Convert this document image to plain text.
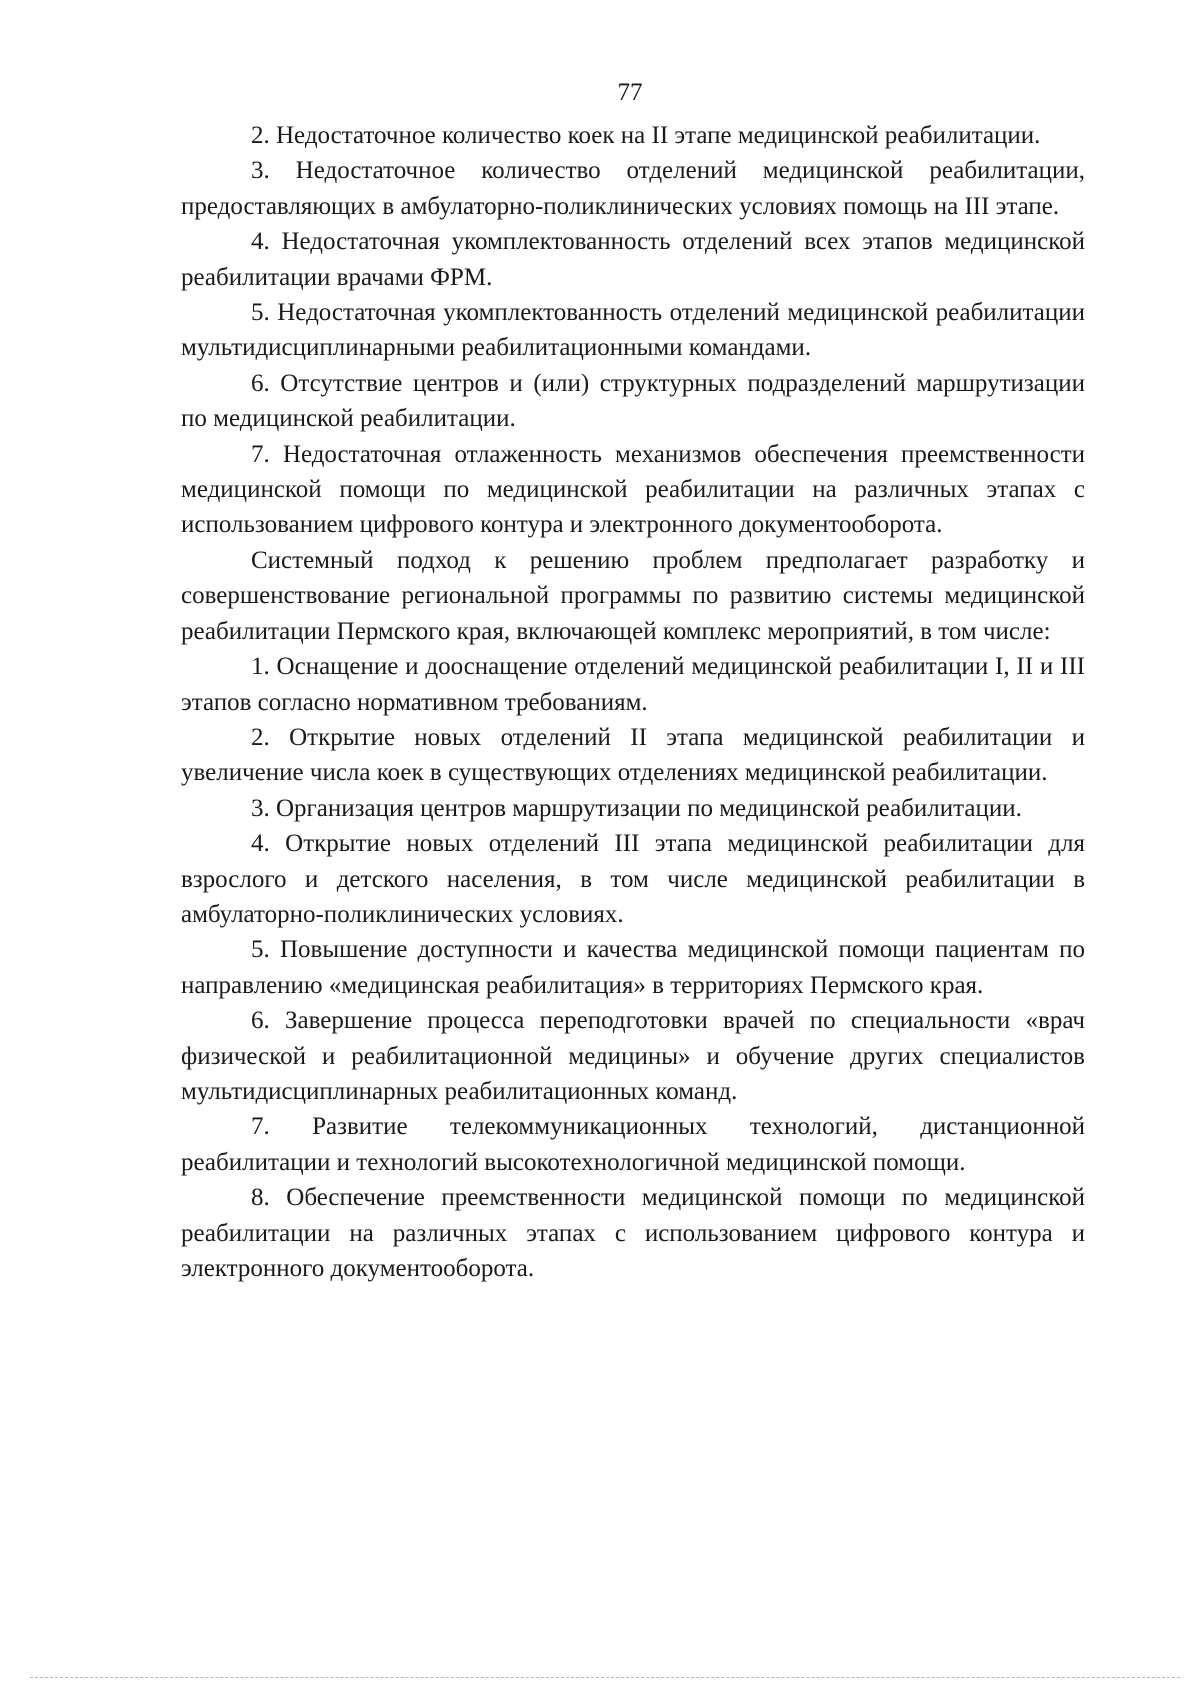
77

2. Недостаточное количество коек на II этапе медицинской реабилитации.

3. Недостаточное количество отделений медицинской реабилитации, предоставляющих в амбулаторно-поликлинических условиях помощь на III этапе.

4. Недостаточная укомплектованность отделений всех этапов медицинской реабилитации врачами ФРМ.

5. Недостаточная укомплектованность отделений медицинской реабилитации мультидисциплинарными реабилитационными командами.

6. Отсутствие центров и (или) структурных подразделений маршрутизации по медицинской реабилитации.

7. Недостаточная отлаженность механизмов обеспечения преемственности медицинской помощи по медицинской реабилитации на различных этапах с использованием цифрового контура и электронного документооборота.

Системный подход к решению проблем предполагает разработку и совершенствование региональной программы по развитию системы медицинской реабилитации Пермского края, включающей комплекс мероприятий, в том числе:

1. Оснащение и дооснащение отделений медицинской реабилитации I, II и III этапов согласно нормативном требованиям.

2. Открытие новых отделений II этапа медицинской реабилитации и увеличение числа коек в существующих отделениях медицинской реабилитации.

3. Организация центров маршрутизации по медицинской реабилитации.

4. Открытие новых отделений III этапа медицинской реабилитации для взрослого и детского населения, в том числе медицинской реабилитации в амбулаторно-поликлинических условиях.

5. Повышение доступности и качества медицинской помощи пациентам по направлению «медицинская реабилитация» в территориях Пермского края.

6. Завершение процесса переподготовки врачей по специальности «врач физической и реабилитационной медицины» и обучение других специалистов мультидисциплинарных реабилитационных команд.

7. Развитие телекоммуникационных технологий, дистанционной реабилитации и технологий высокотехнологичной медицинской помощи.

8. Обеспечение преемственности медицинской помощи по медицинской реабилитации на различных этапах с использованием цифрового контура и электронного документооборота.
